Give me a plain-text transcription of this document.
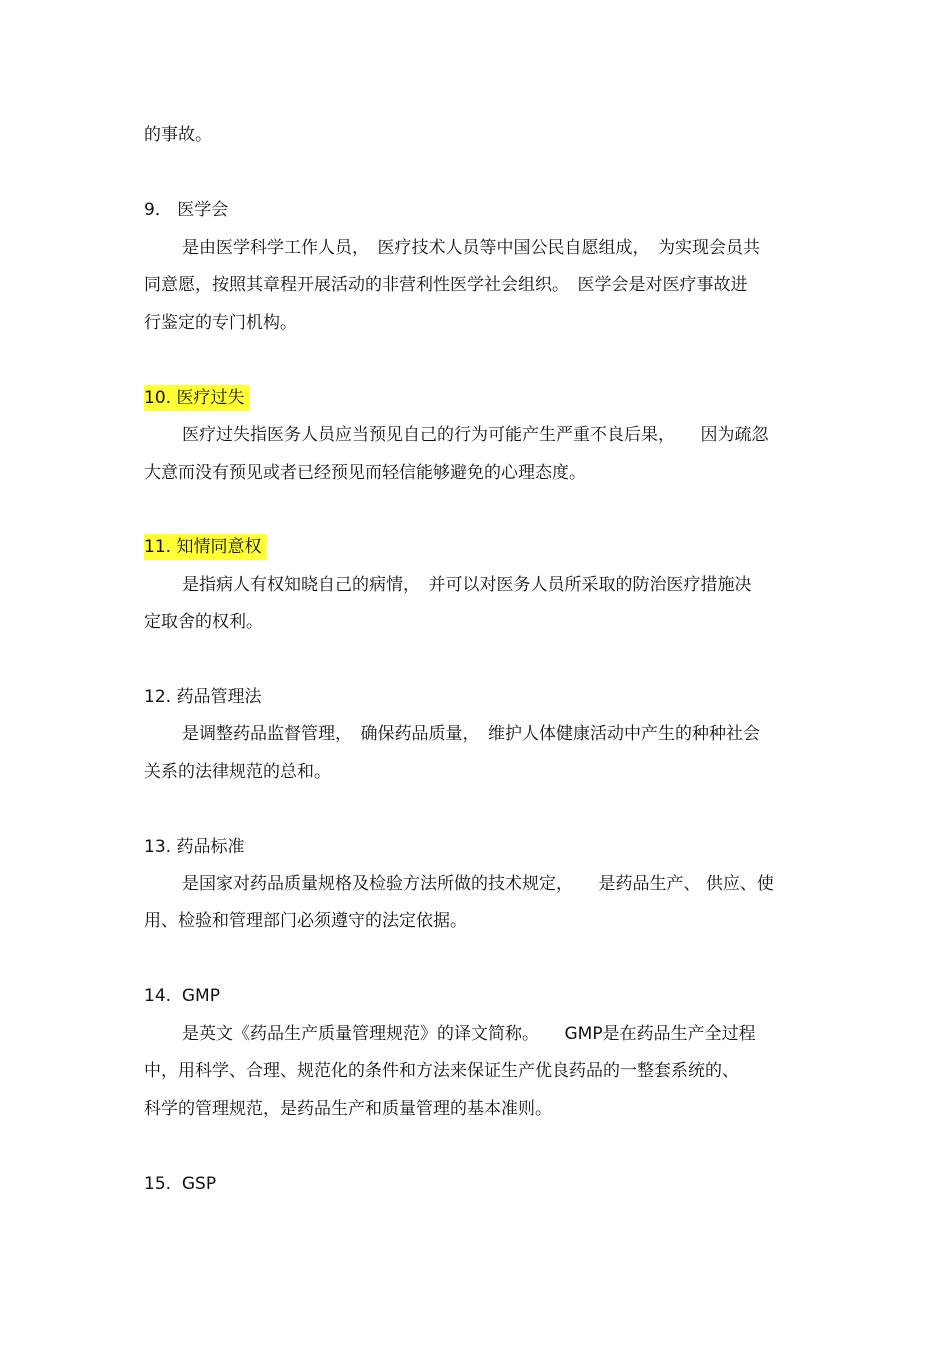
的事故。
9． 医学会
是由医学科学工作人员，　医疗技术人员等中国公民自愿组成，　为实现会员共
同意愿，按照其章程开展活动的非营利性医学社会组织。　医学会是对医疗事故进
行鉴定的专门机构。
10. 医疗过失
医疗过失指医务人员应当预见自己的行为可能产生严重不良后果，　　因为疏忽
大意而没有预见或者已经预见而轻信能够避免的心理态度。
11. 知情同意权
是指病人有权知晓自己的病情，　并可以对医务人员所采取的防治医疗措施决
定取舍的权利。
12. 药品管理法
是调整药品监督管理，　确保药品质量，　维护人体健康活动中产生的种种社会
关系的法律规范的总和。
13. 药品标准
是国家对药品质量规格及检验方法所做的技术规定，　　是药品生产、 供应、使
用、检验和管理部门必须遵守的法定依据。
14. GMP
是英文《药品生产质量管理规范》的译文简称。　　GMP是在药品生产全过程
中，用科学、合理、规范化的条件和方法来保证生产优良药品的一整套系统的、
科学的管理规范，是药品生产和质量管理的基本准则。
15. GSP
